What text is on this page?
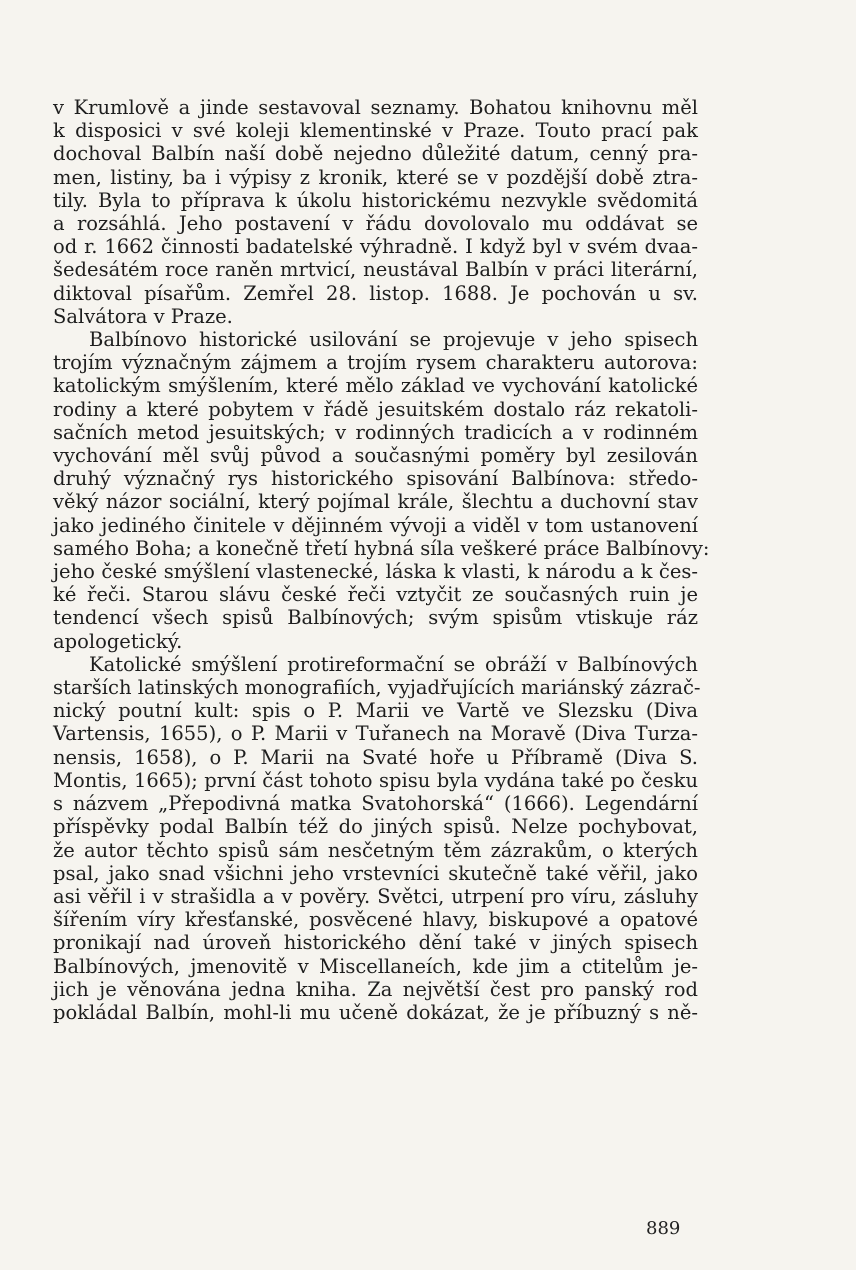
v Krumlově a jinde sestavoval seznamy. Bohatou knihovnu měl
k disposici v své koleji klementinské v Praze. Touto prací pak
dochoval Balbín naší době nejedno důležité datum, cenný pra-
men, listiny, ba i výpisy z kronik, které se v pozdější době ztra-
tily. Byla to příprava k úkolu historickému nezvykle svědomitá
a rozsáhlá. Jeho postavení v řádu dovolovalo mu oddávat se
od r. 1662 činnosti badatelské výhradně. I když byl v svém dvaa-
šedesátém roce raněn mrtvicí, neustával Balbín v práci literární,
diktoval písařům. Zemřel 28. listop. 1688. Je pochován u sv.
Salvátora v Praze.
Balbínovo historické usilování se projevuje v jeho spisech
trojím význačným zájmem a trojím rysem charakteru autorova:
katolickým smýšlením, které mělo základ ve vychování katolické
rodiny a které pobytem v řádě jesuitském dostalo ráz rekatoli-
sačních metod jesuitských; v rodinných tradicích a v rodinném
vychování měl svůj původ a současnými poměry byl zesilován
druhý význačný rys historického spisování Balbínova: středo-
věký názor sociální, který pojímal krále, šlechtu a duchovní stav
jako jediného činitele v dějinném vývoji a viděl v tom ustanovení
samého Boha; a konečně třetí hybná síla veškeré práce Balbínovy:
jeho české smýšlení vlastenecké, láska k vlasti, k národu a k čes-
ké řeči. Starou slávu české řeči vztyčit ze současných ruin je
tendencí všech spisů Balbínových; svým spisům vtiskuje ráz
apologetický.
Katolické smýšlení protireformační se obráží v Balbínových
starších latinských monografiích, vyjadřujících mariánský zázrač-
nický poutní kult: spis o P. Marii ve Vartě ve Slezsku (Diva
Vartensis, 1655), o P. Marii v Tuřanech na Moravě (Diva Turza-
nensis, 1658), o P. Marii na Svaté hoře u Příbramě (Diva S.
Montis, 1665); první část tohoto spisu byla vydána také po česku
s názvem „Přepodivná matka Svatohorská“ (1666). Legendární
příspěvky podal Balbín též do jiných spisů. Nelze pochybovat,
že autor těchto spisů sám nesčetným těm zázrakům, o kterých
psal, jako snad všichni jeho vrstevníci skutečně také věřil, jako
asi věřil i v strašidla a v pověry. Světci, utrpení pro víru, zásluhy
šířením víry křesťanské, posvěcené hlavy, biskupové a opatové
pronikají nad úroveň historického dění také v jiných spisech
Balbínových, jmenovitě v Miscellaneích, kde jim a ctitelům je-
jich je věnována jedna kniha. Za největší čest pro panský rod
pokládal Balbín, mohl-li mu učeně dokázat, že je příbuzný s ně-
889
